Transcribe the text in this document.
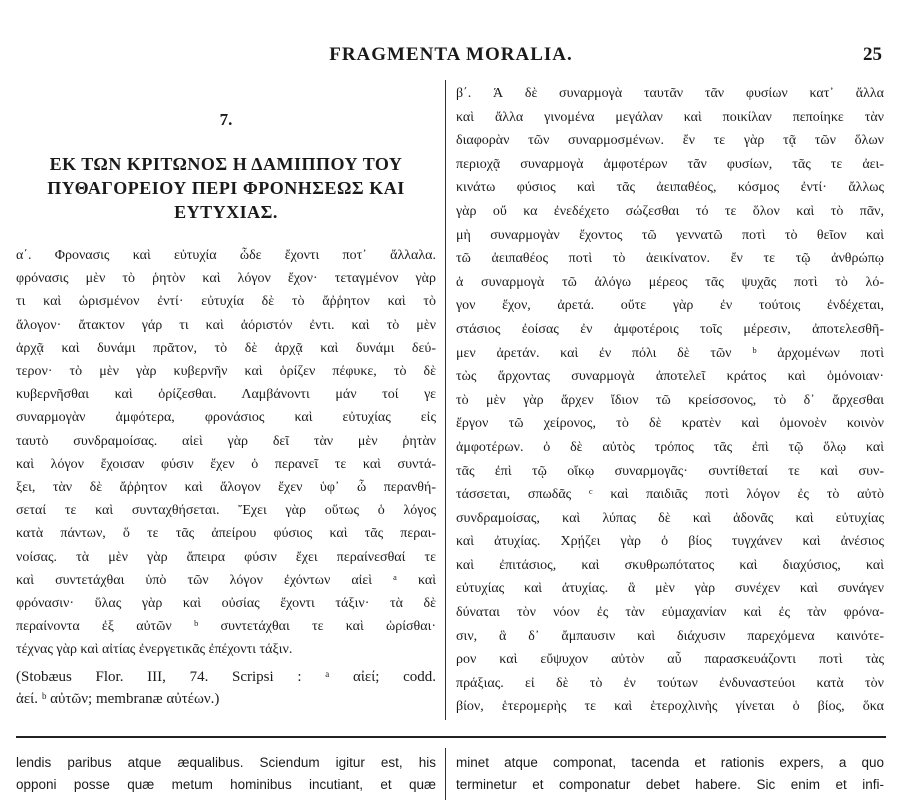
FRAGMENTA MORALIA.	25
7.
ΕΚ ΤΩΝ ΚΡΙΤΩΝΟΣ Η ΔΑΜΙΠΠΟΥ ΤΟΥ
ΠΥΘΑΓΟΡΕΙΟΥ ΠΕΡΙ ΦΡΟΝΗΣΕΩΣ ΚΑΙ
ΕΥΤΥΧΙΑΣ.
α΄. Φρονασις καὶ εὐτυχία ὧδε ἔχοντι ποτ᾽ ἄλλαλα.
φρόνασις μὲν τὸ ῥητὸν καὶ λόγον ἔχον· τεταγμένον γὰρ
τι καὶ ὡρισμένον ἐντί· εὐτυχία δὲ τὸ ἄῤῥητον καὶ τὸ
ἄλογον· ἄτακτον γάρ τι καὶ ἀόριστόν ἐντι. καὶ τὸ μὲν
ἀρχᾷ καὶ δυνάμι πρᾶτον, τὸ δὲ ἀρχᾷ καὶ δυνάμι δεύ-
τερον· τὸ μὲν γὰρ κυβερνῆν καὶ ὁρίζεν πέφυκε, τὸ δὲ
κυβερνῆσθαι καὶ ὁρίζεσθαι. Λαμβάνοντι μάν τοί γε
συναρμογὰν ἀμφότερα, φρονάσιος καὶ εὐτυχίας εἰς
ταυτὸ συνδραμοίσας. αἰεὶ γὰρ δεῖ τὰν μὲν ῥητὰν
καὶ λόγον ἔχοισαν φύσιν ἔχεν ὁ περανεῖ τε καὶ συντά-
ξει, τὰν δὲ ἄῤῥητον καὶ ἄλογον ἔχεν ὑφ᾽ ὧ περανθή-
σεταί τε καὶ συνταχθήσεται. Ἔχει γὰρ οὕτως ὁ λόγος
κατὰ πάντων, ὅ τε τᾶς ἀπείρου φύσιος καὶ τᾶς περαι-
νοίσας. τὰ μὲν γὰρ ἄπειρα φύσιν ἔχει περαίνεσθαί τε
καὶ συντετάχθαι ὑπὸ τῶν λόγον ἐχόντων αἰεὶ ᵃ καὶ
φρόνασιν· ὕλας γὰρ καὶ οὐσίας ἔχοντι τάξιν· τὰ δὲ
περαίνοντα ἐξ αὐτῶν ᵇ συντετάχθαι τε καὶ ὡρίσθαι·
τέχνας γὰρ καὶ αἰτίας ἐνεργετικᾶς ἐπέχοντι τάξιν.
(Stobæus Flor. III, 74. Scripsi : ᵃ αἰεί; codd.
ἀεί. ᵇ αὐτῶν; membranæ αὐτέων.)
β΄. Ἁ δὲ συναρμογὰ ταυτᾶν τᾶν φυσίων κατ᾽ ἄλλα
καὶ ἄλλα γινομένα μεγάλαν καὶ ποικίλαν πεποίηκε τὰν
διαφορὰν τῶν συναρμοσμένων. ἔν τε γὰρ τᾷ τῶν ὅλων
περιοχᾷ συναρμογὰ ἀμφοτέρων τᾶν φυσίων, τᾶς τε ἀει-
κινάτω φύσιος καὶ τᾶς ἀειπαθέος, κόσμος ἐντί· ἄλλως
γὰρ οὔ κα ἐνεδέχετο σώζεσθαι τό τε ὅλον καὶ τὸ πᾶν,
μὴ συναρμογὰν ἔχοντος τῶ γεννατῶ ποτὶ τὸ θεῖον καὶ
τῶ ἀειπαθέος ποτὶ τὸ ἀεικίνατον. ἔν τε τῷ ἀνθρώπῳ
ἁ συναρμογὰ τῶ ἀλόγω μέρεος τᾶς ψυχᾶς ποτὶ τὸ λό-
γον ἔχον, ἀρετά. οὔτε γὰρ ἐν τούτοις ἐνδέχεται,
στάσιος ἐοίσας ἐν ἀμφοτέροις τοῖς μέρεσιν, ἀποτελεσθῆ-
μεν ἀρετάν. καὶ ἐν πόλι δὲ τῶν ᵇ ἀρχομένων ποτὶ
τὼς ἄρχοντας συναρμογὰ ἀποτελεῖ κράτος καὶ ὁμόνοιαν·
τὸ μὲν γὰρ ἄρχεν ἴδιον τῶ κρείσσονος, τὸ δ᾽ ἄρχεσθαι
ἔργον τῶ χείρονος, τὸ δὲ κρατὲν καὶ ὁμονοὲν κοινὸν
ἀμφοτέρων. ὁ δὲ αὐτὸς τρόπος τᾶς ἐπὶ τῷ ὅλῳ καὶ
τᾶς ἐπὶ τῷ οἴκῳ συναρμογᾶς· συντίθεταί τε καὶ συν-
τάσσεται, σπωδᾶς ᶜ καὶ παιδιᾶς ποτὶ λόγον ἐς τὸ αὐτὸ
συνδραμοίσας, καὶ λύπας δὲ καὶ ἁδονᾶς καὶ εὐτυχίας
καὶ ἀτυχίας. Χρῄζει γὰρ ὁ βίος τυγχάνεν καὶ ἀνέσιος
καὶ ἐπιτάσιος, καὶ σκυθρωπότατος καὶ διαχύσιος, καὶ
εὐτυχίας καὶ ἀτυχίας. ἃ μὲν γὰρ συνέχεν καὶ συνάγεν
δύναται τὸν νόον ἐς τὰν εὐμαχανίαν καὶ ἐς τὰν φρόνα-
σιν, ἃ δ᾽ ἄμπαυσιν καὶ διάχυσιν παρεχόμενα καινότε-
ρον καὶ εὔψυχον αὐτὸν αὖ παρασκευάζοντι ποτὶ τὰς
πράξιας. εἰ δὲ τὸ ἐν τούτων ἐνδυναστεύοι κατὰ τὸν
βίον, ἑτερομερὴς τε καὶ ἑτεροχλινὴς γίνεται ὁ βίος, ὅκα
lendis paribus atque æqualibus. Sciendum igitur est, his
opponi posse quæ metum hominibus incutiant, et quæ
minet atque componat, tacenda et rationis expers, a quo
terminetur et componatur debet habere. Sic enim et infi-
